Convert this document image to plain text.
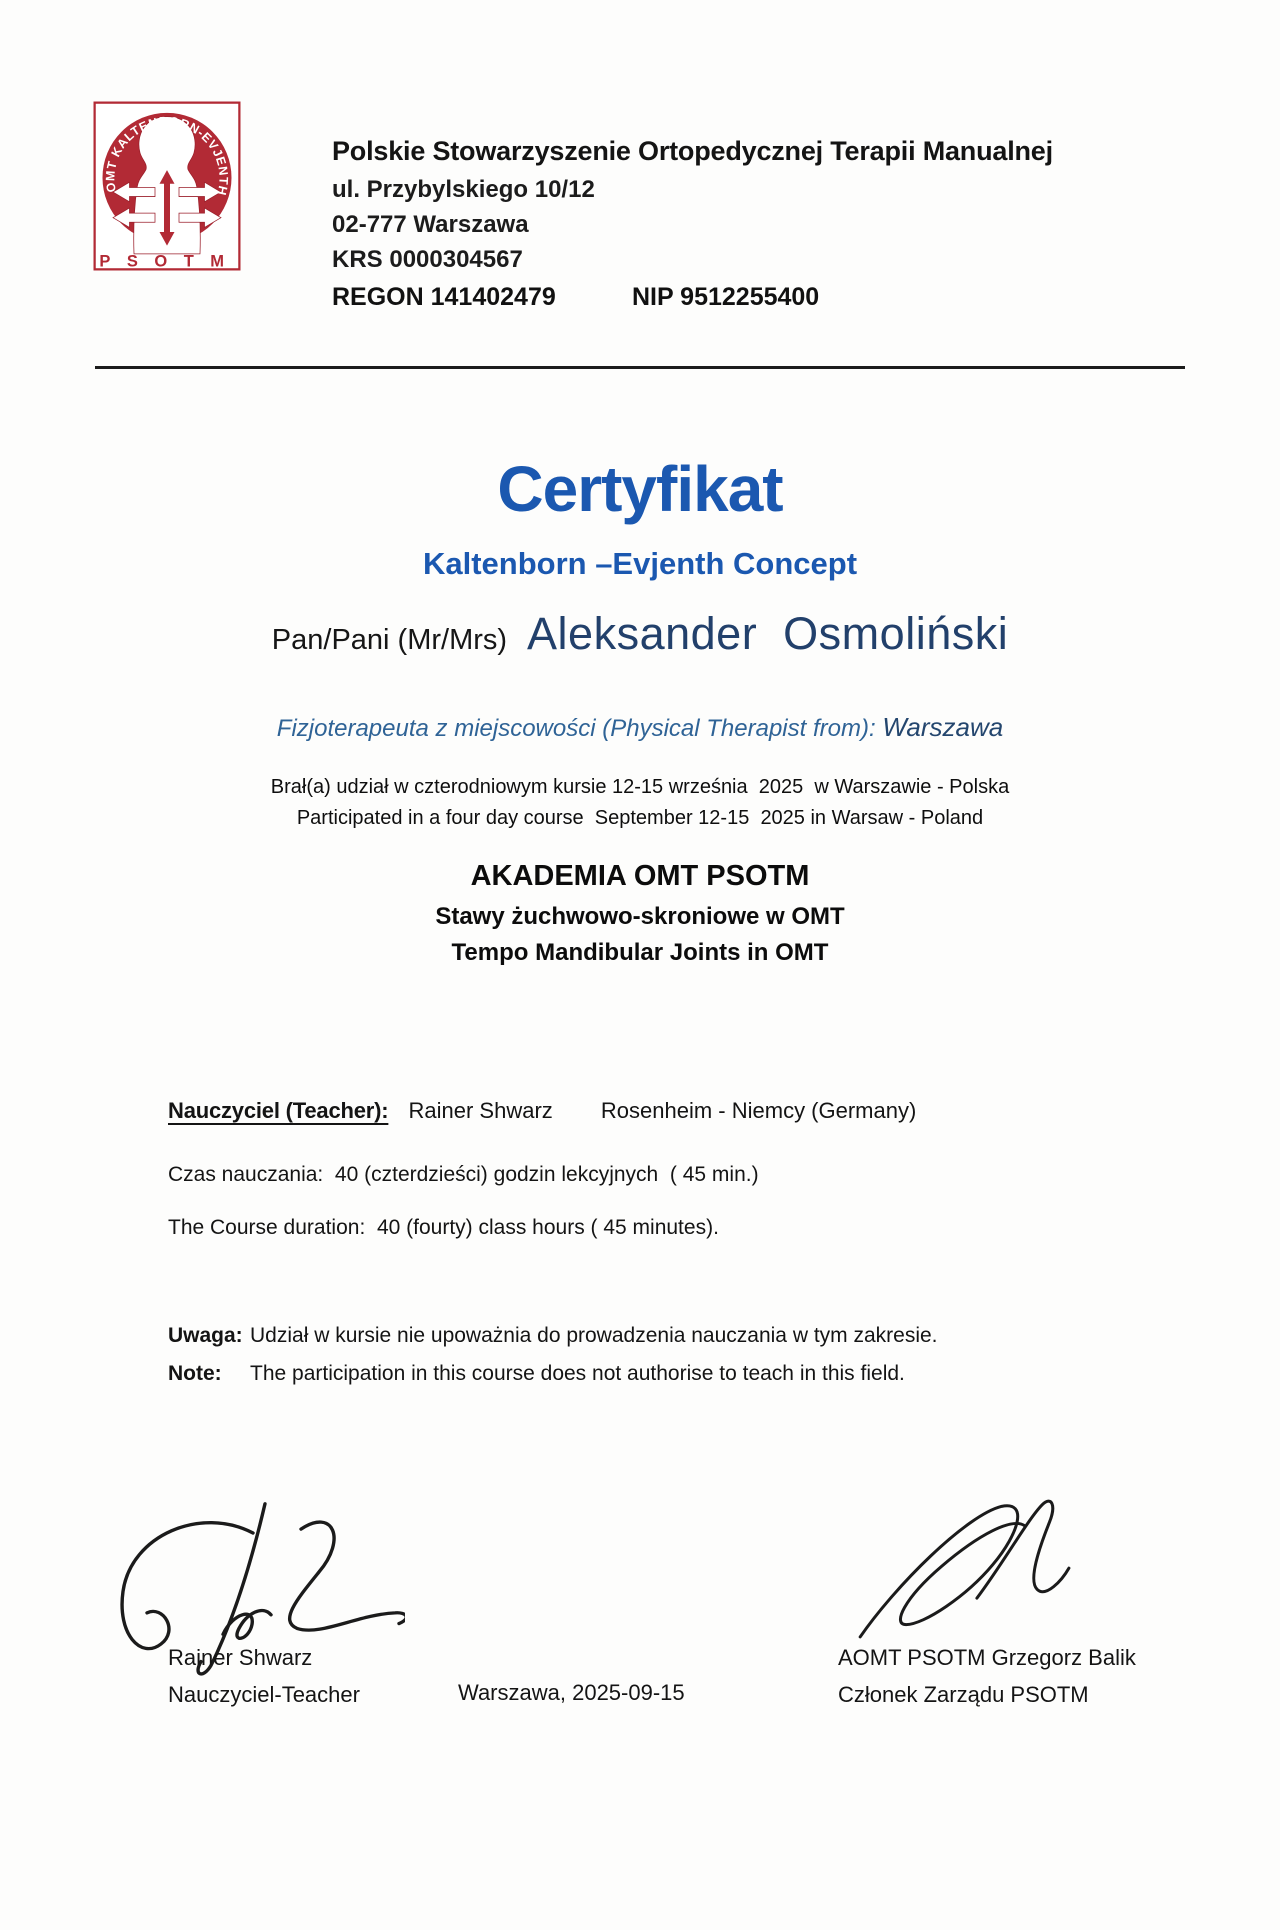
OMT KALTENBORN-EVJENTH
PSOTM
Polskie Stowarzyszenie Ortopedycznej Terapii Manualnej
ul. Przybylskiego 10/12
02-777 Warszawa
KRS 0000304567
REGON 141402479	NIP 9512255400
Certyfikat
Kaltenborn –Evjenth Concept
Pan/Pani (Mr/Mrs) Aleksander  Osmoliński
Fizjoterapeuta z miejscowości (Physical Therapist from): Warszawa
Brał(a) udział w czterodniowym kursie 12-15 września  2025  w Warszawie - Polska
Participated in a four day course  September 12-15  2025 in Warsaw - Poland
AKADEMIA OMT PSOTM
Stawy żuchwowo-skroniowe w OMT
Tempo Mandibular Joints in OMT
Nauczyciel (Teacher): Rainer Shwarz Rosenheim - Niemcy (Germany)
Czas nauczania:  40 (czterdzieści) godzin lekcyjnych  ( 45 min.)
The Course duration:  40 (fourty) class hours ( 45 minutes).
Uwaga: Udział w kursie nie upoważnia do prowadzenia nauczania w tym zakresie.
Note: The participation in this course does not authorise to teach in this field.
Rainer Shwarz
Nauczyciel-Teacher	Warszawa, 2025-09-15
AOMT PSOTM Grzegorz Balik
Członek Zarządu PSOTM
